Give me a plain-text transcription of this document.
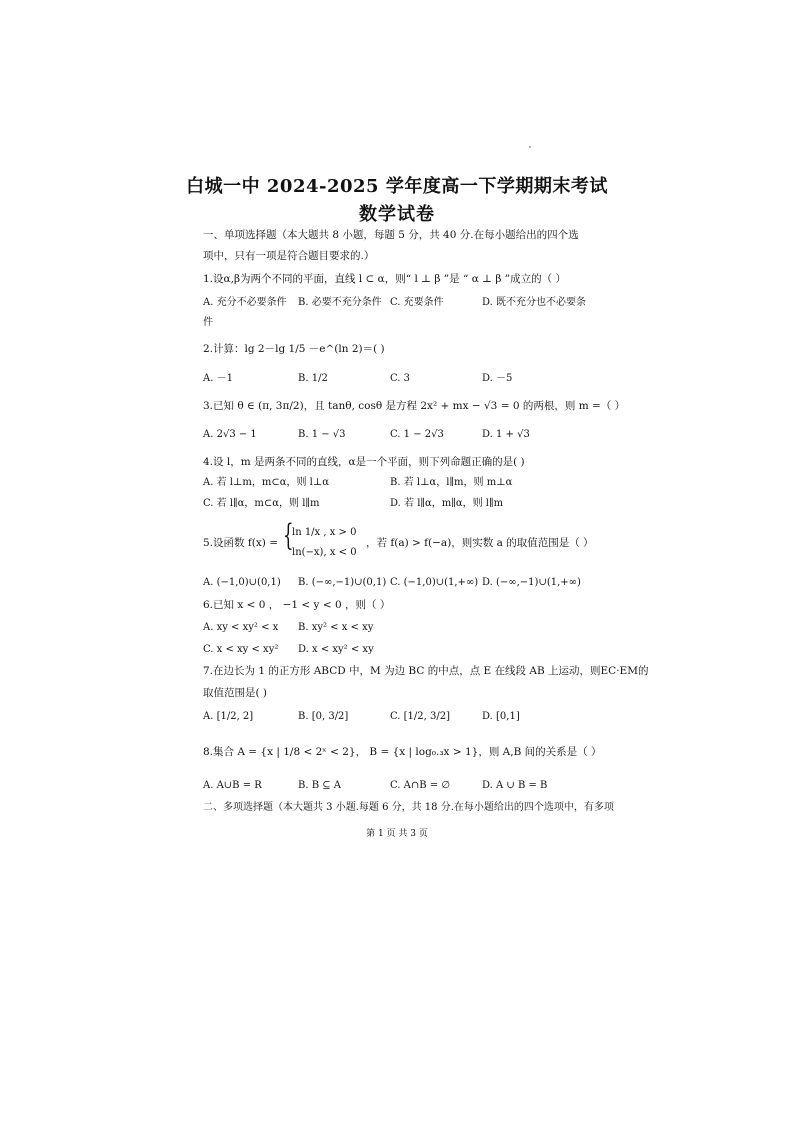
白城一中 2024-2025 学年度高一下学期期末考试
数学试卷
一、单项选择题（本大题共 8 小题，每题 5 分，共 40 分.在每小题给出的四个选
项中，只有一项是符合题目要求的.）
1.设α,β为两个不同的平面，直线 l ⊂ α，则“ l ⊥ β ”是 “ α ⊥ β ”成立的（ ）
A. 充分不必要条件 B. 必要不充分条件 C. 充要条件	D. 既不充分也不必要条
件
2.计算：lg 2－lg 1/5 －e^(ln 2)＝( )
A. －1	B. 1/2	C. 3	D. －5
3.已知 θ ∈ (π, 3π/2)，且 tanθ, cosθ 是方程 2x² + mx − √3 = 0 的两根，则 m =（ ）
A. 2√3 − 1	B. 1 − √3	C. 1 − 2√3	D. 1 + √3
4.设 l，m 是两条不同的直线，α是一个平面，则下列命题正确的是( )
A. 若 l⊥m，m⊂α，则 l⊥α	B. 若 l⊥α，l∥m，则 m⊥α
C. 若 l∥α，m⊂α，则 l∥m	D. 若 l∥α，m∥α，则 l∥m
5.设函数 f(x) = {
ln 1/x , x > 0
ln(−x), x < 0
，若 f(a) > f(−a)，则实数 a 的取值范围是（ ）
A. (−1,0)∪(0,1) B. (−∞,−1)∪(0,1) C. (−1,0)∪(1,+∞) D. (−∞,−1)∪(1,+∞)
6.已知 x < 0 ， −1 < y < 0 ，则（ ）
A. xy < xy² < x B. xy² < x < xy
C. x < xy < xy² D. x < xy² < xy
7.在边长为 1 的正方形 ABCD 中，M 为边 BC 的中点，点 E 在线段 AB 上运动，则EC·EM的
取值范围是( )
A. [1/2, 2]	B. [0, 3/2]	C. [1/2, 3/2]	D. [0,1]
8.集合 A = {x | 1/8 < 2ˣ < 2}， B = {x | log₀.₃x > 1}，则 A,B 间的关系是（ ）
A. A∪B = R	B. B ⊆ A	C. A∩B = ∅	D. A ∪ B = B
二、多项选择题（本大题共 3 小题.每题 6 分，共 18 分.在每小题给出的四个选项中，有多项
第 1 页 共 3 页
